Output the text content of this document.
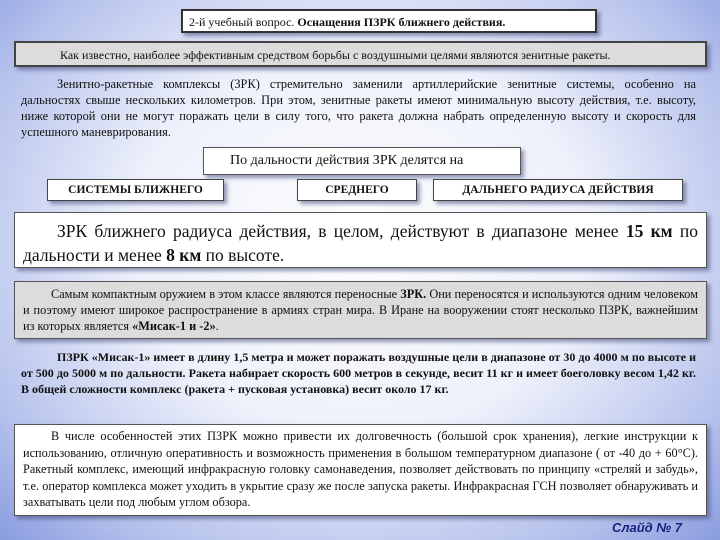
2-й учебный вопрос. Оснащения ПЗРК ближнего действия.
Как известно, наиболее эффективным средством борьбы с воздушными целями являются зенитные ракеты.

Зенитно-ракетные комплексы (ЗРК) стремительно заменили артиллерийские зенитные системы, особенно на дальностях свыше нескольких километров. При этом, зенитные ракеты имеют минимальную высоту действия, т.е. высоту, ниже которой они не могут поражать цели в силу того, что ракета должна набрать определенную высоту и скорость для успешного маневрирования.

По дальности действия ЗРК делятся на
СИСТЕМЫ БЛИЖНЕГО	СРЕДНЕГО	ДАЛЬНЕГО РАДИУСА ДЕЙСТВИЯ
ЗРК ближнего радиуса действия, в целом, действуют в диапазоне менее 15 км по дальности и менее 8 км по высоте.
Самым компактным оружием в этом классе являются переносные ЗРК. Они переносятся и используются одним человеком и поэтому имеют широкое распространение в армиях стран мира. В Иране на вооружении стоят несколько ПЗРК, важнейшим из которых является «Мисак-1 и -2».

ПЗРК «Мисак-1» имеет в длину 1,5 метра и может поражать воздушные цели в диапазоне от 30 до 4000 м по высоте и от 500 до 5000 м по дальности. Ракета набирает скорость 600 метров в секунде, весит 11 кг и имеет боеголовку весом 1,42 кг. В общей сложности комплекс (ракета + пусковая установка) весит около 17 кг.

В числе особенностей этих ПЗРК можно привести их долговечность (большой срок хранения), легкие инструкции к использованию, отличную оперативность и возможность применения в большом температурном диапазоне ( от -40 до + 60°С). Ракетный комплекс, имеющий инфракрасную головку самонаведения, позволяет действовать по принципу «стреляй и забудь», т.е. оператор комплекса может уходить в укрытие сразу же после запуска ракеты. Инфракрасная ГСН позволяет обнаруживать и захватывать цели под любым углом обзора.
Слайд № 7
